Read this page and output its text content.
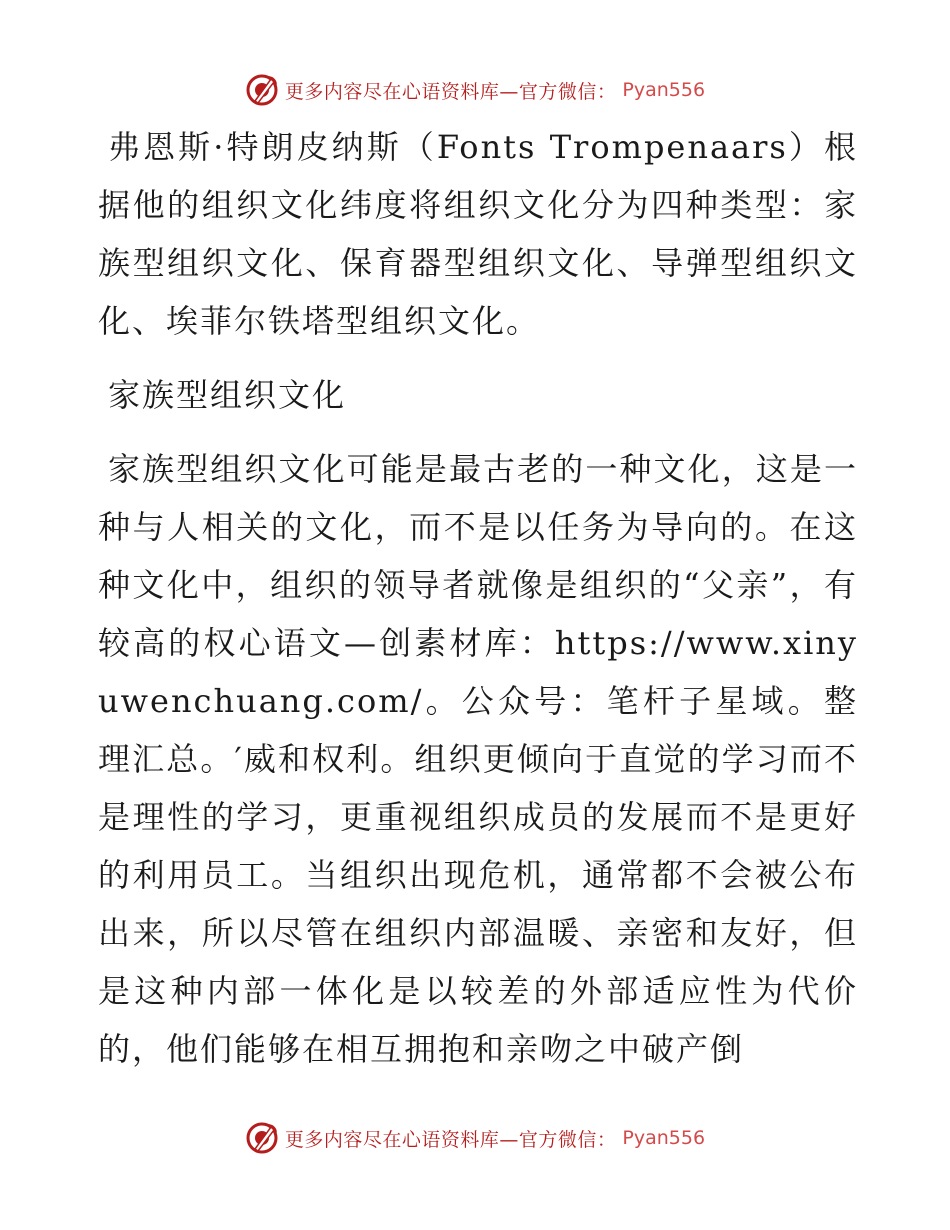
更多内容尽在心语资料库—官方微信： Pyan556

弗恩斯·特朗皮纳斯（Fonts Trompenaars）根据他的组织文化纬度将组织文化分为四种类型：家族型组织文化、保育器型组织文化、导弹型组织文化、埃菲尔铁塔型组织文化。

家族型组织文化

家族型组织文化可能是最古老的一种文化，这是一种与人相关的文化，而不是以任务为导向的。在这种文化中，组织的领导者就像是组织的“父亲”，有较高的权心语文—创素材库：https://www.xinyuwenchuang.com/。公众号：笔杆子星域。整理汇总。′威和权利。组织更倾向于直觉的学习而不是理性的学习，更重视组织成员的发展而不是更好的利用员工。当组织出现危机，通常都不会被公布出来，所以尽管在组织内部温暖、亲密和友好，但是这种内部一体化是以较差的外部适应性为代价的，他们能够在相互拥抱和亲吻之中破产倒

更多内容尽在心语资料库—官方微信： Pyan556
